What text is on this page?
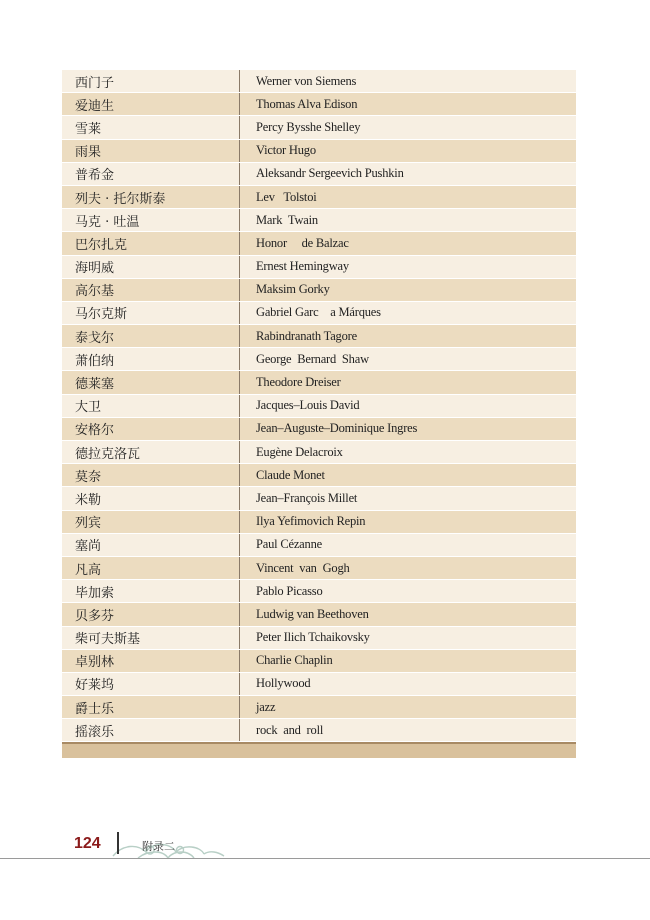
西门子	Werner von Siemens
爱迪生	Thomas Alva Edison
雪莱	Percy Bysshe Shelley
雨果	Victor Hugo
普希金	Aleksandr Sergeevich Pushkin
列夫 · 托尔斯泰	Lev   Tolstoi
马克 · 吐温	Mark  Twain
巴尔扎克	Honor     de Balzac
海明威	Ernest Hemingway
高尔基	Maksim Gorky
马尔克斯	Gabriel Garc    a Márques
泰戈尔	Rabindranath Tagore
萧伯纳	George  Bernard  Shaw
德莱塞	Theodore Dreiser
大卫	Jacques–Louis David
安格尔	Jean–Auguste–Dominique Ingres
德拉克洛瓦	Eugène Delacroix
莫奈	Claude Monet
米勒	Jean–François Millet
列宾	Ilya Yefimovich Repin
塞尚	Paul Cézanne
凡高	Vincent  van  Gogh
毕加索	Pablo Picasso
贝多芬	Ludwig van Beethoven
柴可夫斯基	Peter Ilich Tchaikovsky
卓别林	Charlie Chaplin
好莱坞	Hollywood
爵士乐	jazz
摇滚乐	rock  and  roll
124	附录二
